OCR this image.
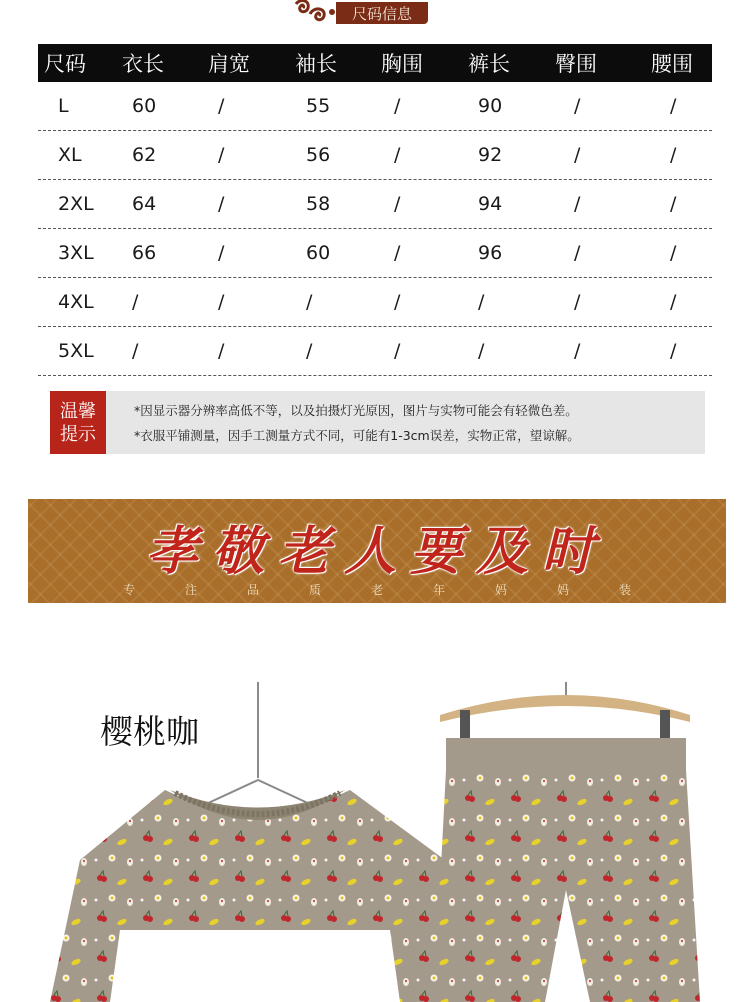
尺码信息
尺码 衣长 肩宽 袖长 胸围 裤长 臀围	腰围
L	60	/	55	/	90	/	/
XL	62	/	56	/	92	/	/
2XL 64	/	58	/	94	/	/
3XL 66	/	60	/	96	/	/
4XL /	/	/	/	/	/	/
5XL /	/	/	/	/	/	/
温馨
提示
*因显示器分辨率高低不等，以及拍摄灯光原因，图片与实物可能会有轻微色差。
*衣服平铺测量，因手工测量方式不同，可能有1-3cm误差，实物正常，望谅解。
孝敬老人要及时
专	注	品	质	老	年	妈	妈	装
樱桃咖
